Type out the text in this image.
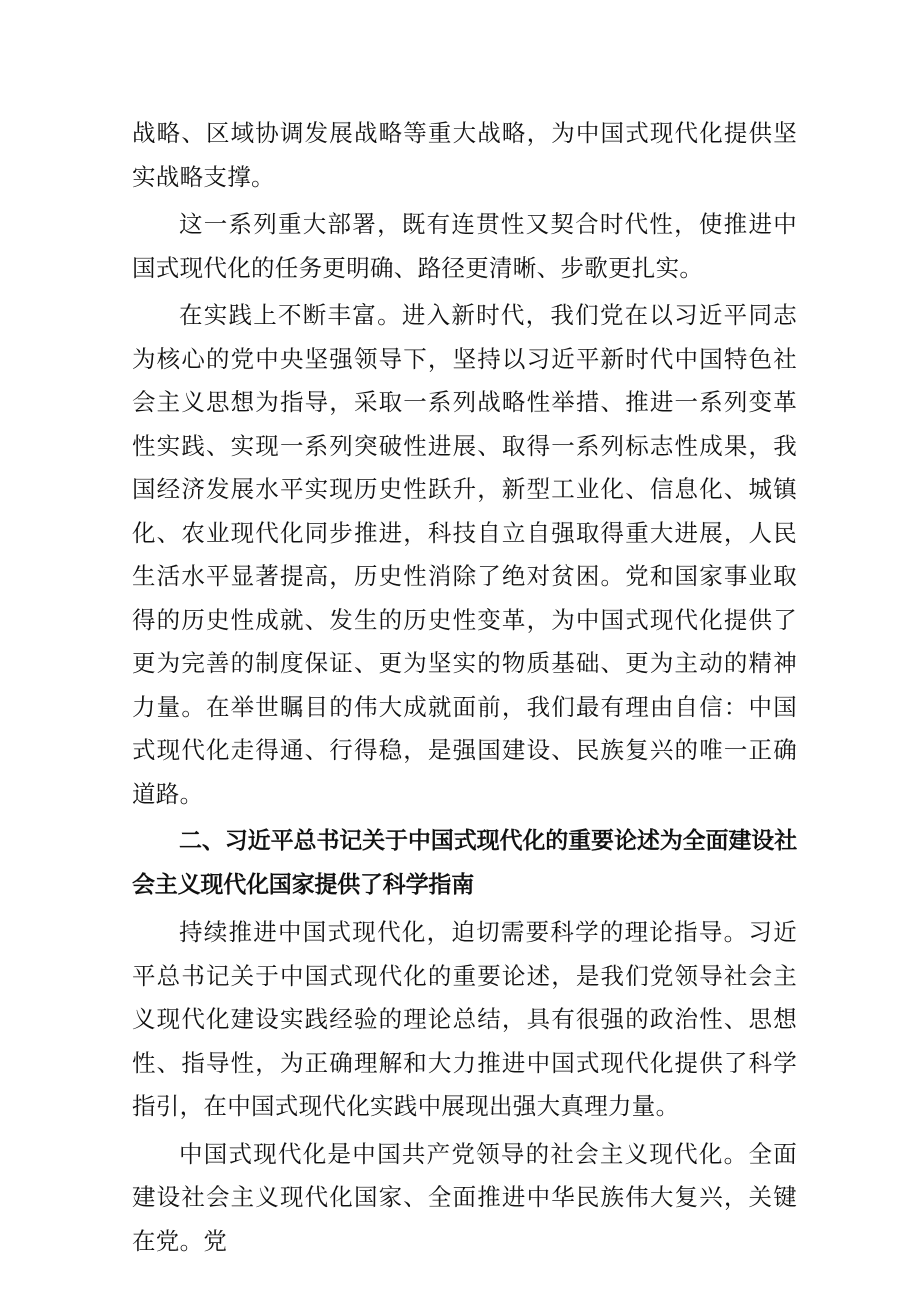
战略、区域协调发展战略等重大战略，为中国式现代化提供坚实战略支撑。

这一系列重大部署，既有连贯性又契合时代性，使推进中国式现代化的任务更明确、路径更清晰、步歌更扎实。

在实践上不断丰富。进入新时代，我们党在以习近平同志为核心的党中央坚强领导下，坚持以习近平新时代中国特色社会主义思想为指导，采取一系列战略性举措、推进一系列变革性实践、实现一系列突破性进展、取得一系列标志性成果，我国经济发展水平实现历史性跃升，新型工业化、信息化、城镇化、农业现代化同步推进，科技自立自强取得重大进展，人民生活水平显著提高，历史性消除了绝对贫困。党和国家事业取得的历史性成就、发生的历史性变革，为中国式现代化提供了更为完善的制度保证、更为坚实的物质基础、更为主动的精神力量。在举世瞩目的伟大成就面前，我们最有理由自信：中国式现代化走得通、行得稳，是强国建设、民族复兴的唯一正确道路。

二、习近平总书记关于中国式现代化的重要论述为全面建设社会主义现代化国家提供了科学指南

持续推进中国式现代化，迫切需要科学的理论指导。习近平总书记关于中国式现代化的重要论述，是我们党领导社会主义现代化建设实践经验的理论总结，具有很强的政治性、思想性、指导性，为正确理解和大力推进中国式现代化提供了科学指引，在中国式现代化实践中展现出强大真理力量。

中国式现代化是中国共产党领导的社会主义现代化。全面建设社会主义现代化国家、全面推进中华民族伟大复兴，关键在党。党
